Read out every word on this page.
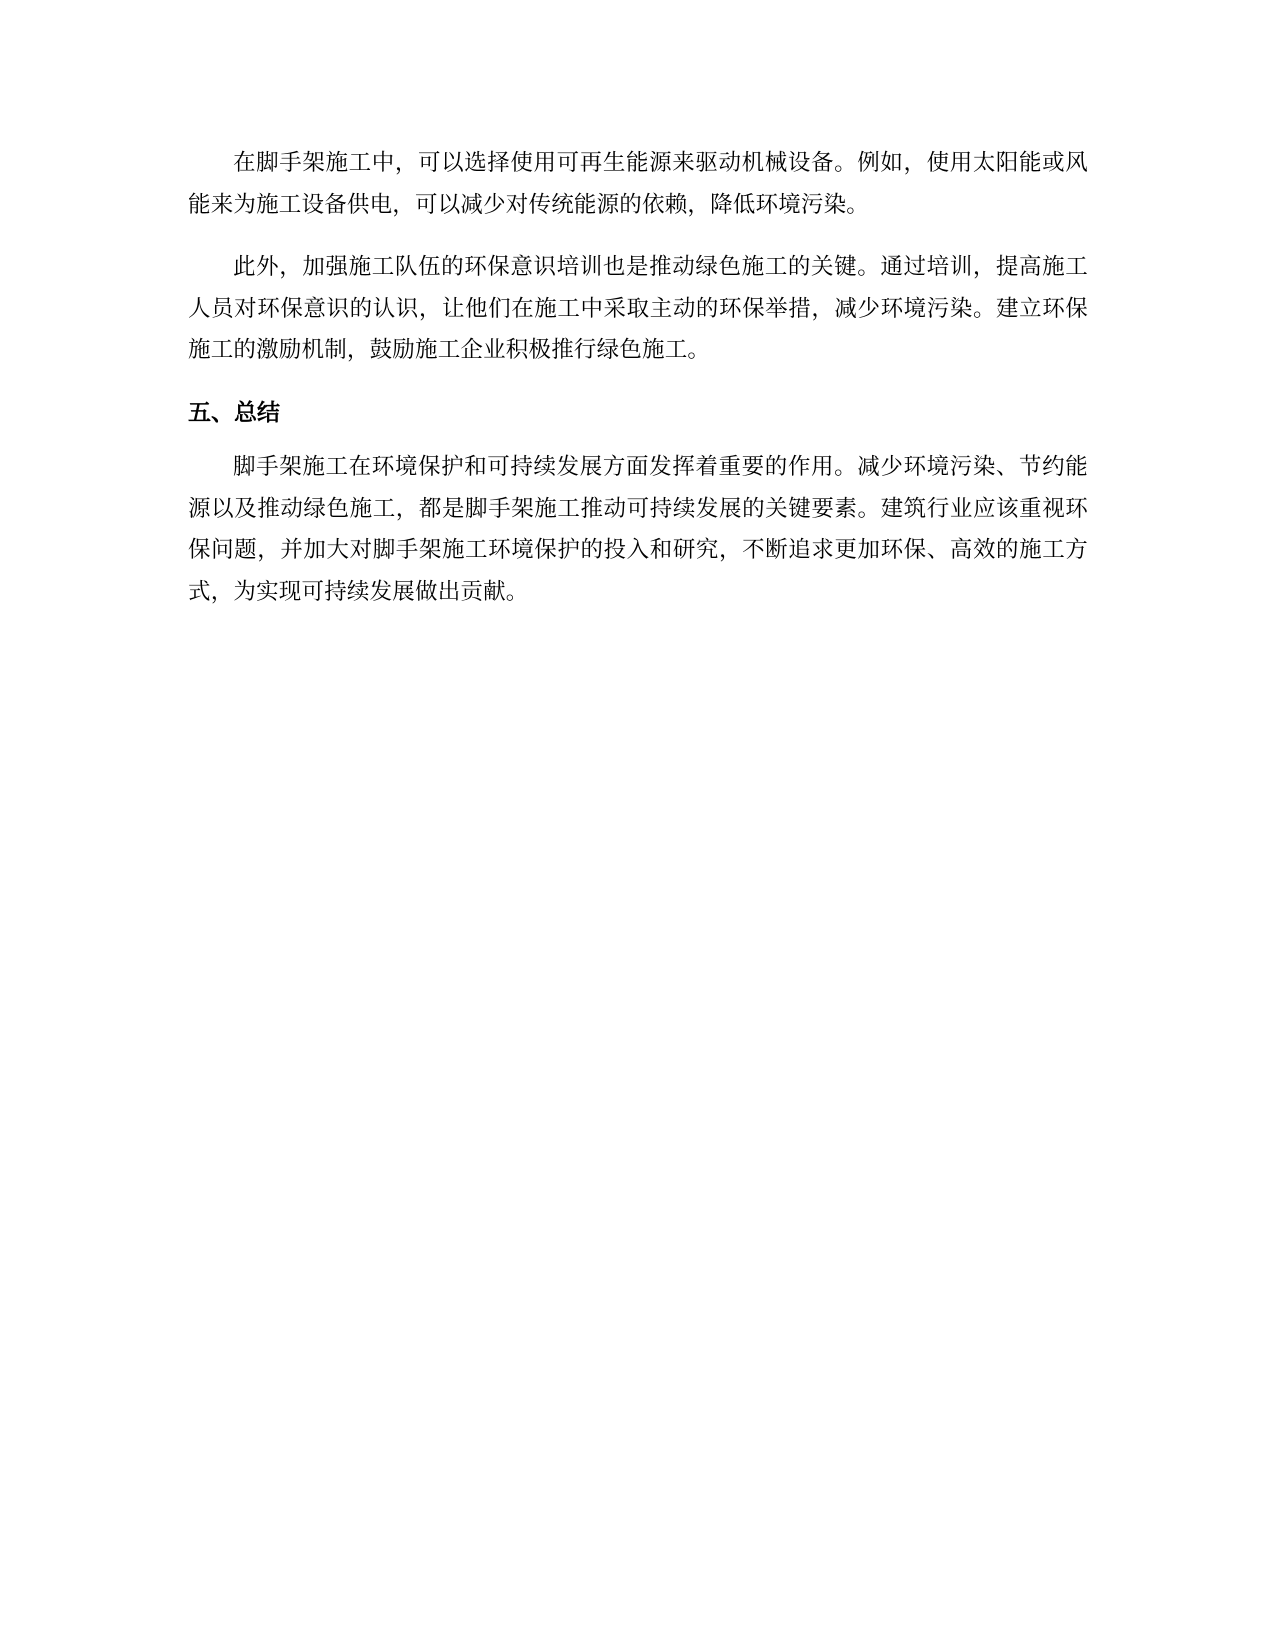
在脚手架施工中，可以选择使用可再生能源来驱动机械设备。例如，使用太阳能或风能来为施工设备供电，可以减少对传统能源的依赖，降低环境污染。

此外，加强施工队伍的环保意识培训也是推动绿色施工的关键。通过培训，提高施工人员对环保意识的认识，让他们在施工中采取主动的环保举措，减少环境污染。建立环保施工的激励机制，鼓励施工企业积极推行绿色施工。

五、总结

脚手架施工在环境保护和可持续发展方面发挥着重要的作用。减少环境污染、节约能源以及推动绿色施工，都是脚手架施工推动可持续发展的关键要素。建筑行业应该重视环保问题，并加大对脚手架施工环境保护的投入和研究，不断追求更加环保、高效的施工方式，为实现可持续发展做出贡献。
